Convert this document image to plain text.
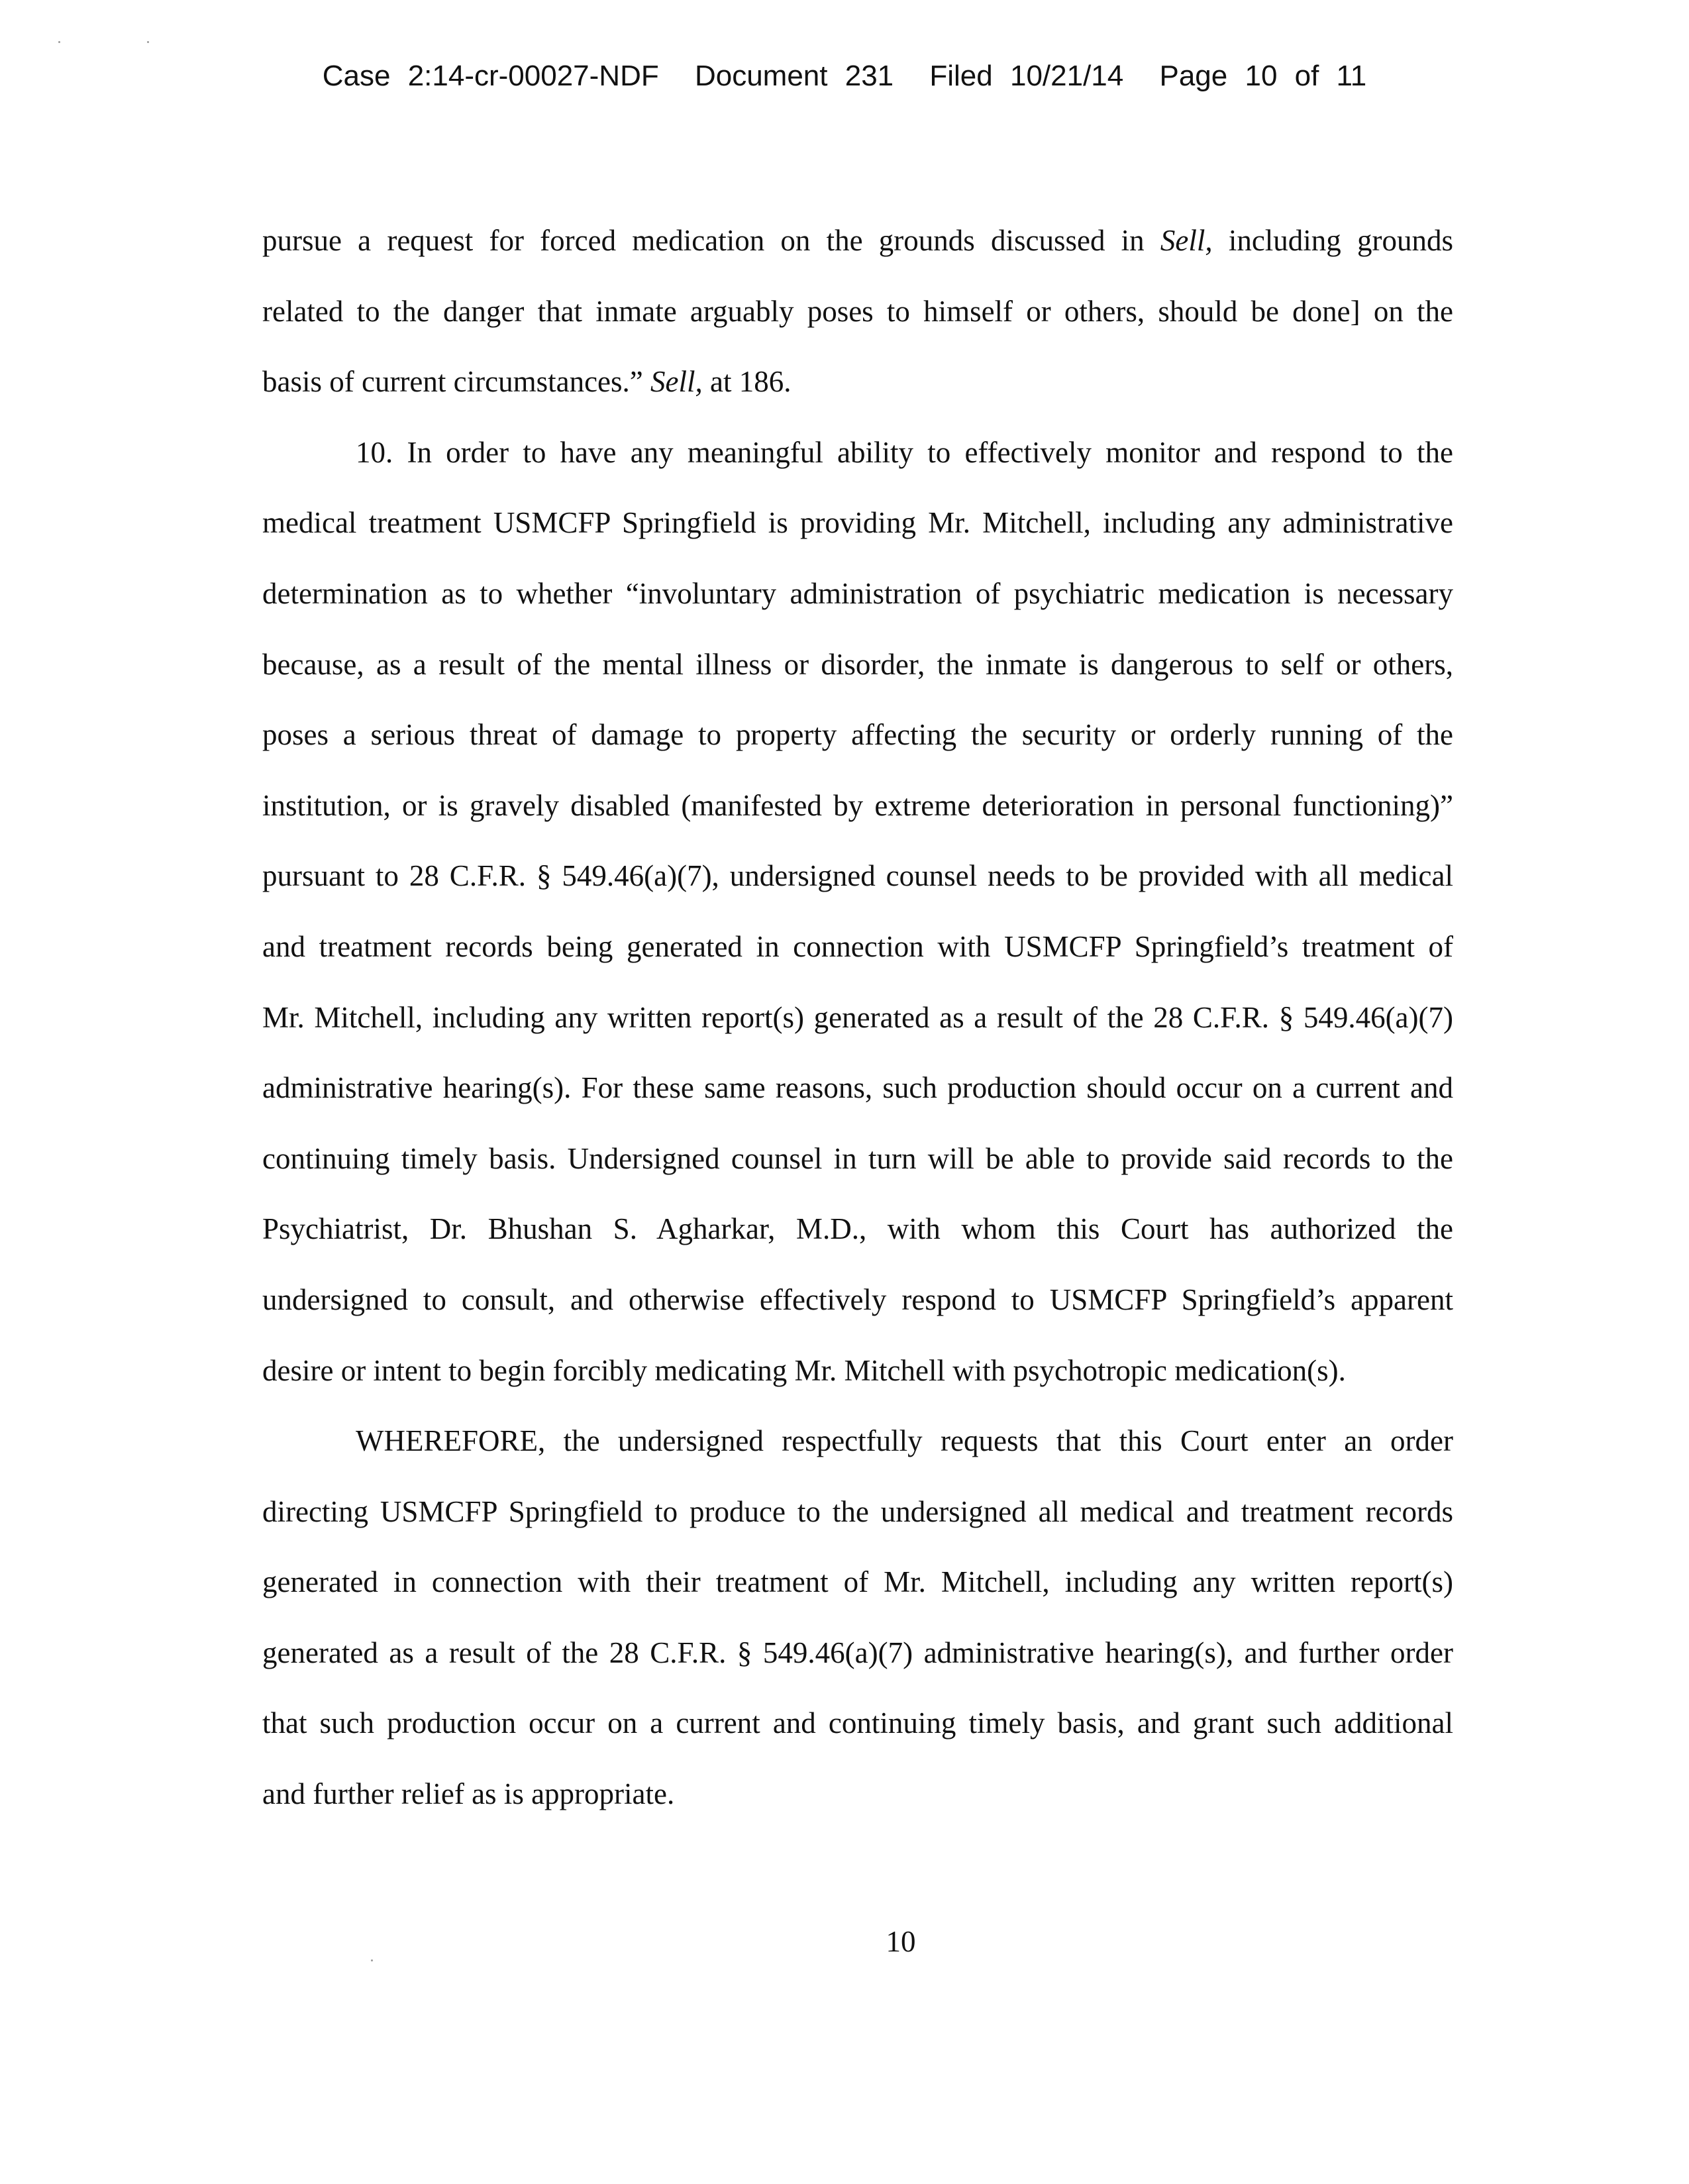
Case 2:14-cr-00027-NDF Document 231 Filed 10/21/14 Page 10 of 11
pursue a request for forced medication on the grounds discussed in Sell, including grounds
related to the danger that inmate arguably poses to himself or others, should be done] on the
basis of current circumstances.” Sell, at 186.
10. In order to have any meaningful ability to effectively monitor and respond to the
medical treatment USMCFP Springfield is providing Mr. Mitchell, including any administrative
determination as to whether “involuntary administration of psychiatric medication is necessary
because, as a result of the mental illness or disorder, the inmate is dangerous to self or others,
poses a serious threat of damage to property affecting the security or orderly running of the
institution, or is gravely disabled (manifested by extreme deterioration in personal functioning)”
pursuant to 28 C.F.R. § 549.46(a)(7), undersigned counsel needs to be provided with all medical
and treatment records being generated in connection with USMCFP Springfield’s treatment of
Mr. Mitchell, including any written report(s) generated as a result of the 28 C.F.R. § 549.46(a)(7)
administrative hearing(s). For these same reasons, such production should occur on a current and
continuing timely basis. Undersigned counsel in turn will be able to provide said records to the
Psychiatrist, Dr. Bhushan S. Agharkar, M.D., with whom this Court has authorized the
undersigned to consult, and otherwise effectively respond to USMCFP Springfield’s apparent
desire or intent to begin forcibly medicating Mr. Mitchell with psychotropic medication(s).
WHEREFORE, the undersigned respectfully requests that this Court enter an order
directing USMCFP Springfield to produce to the undersigned all medical and treatment records
generated in connection with their treatment of Mr. Mitchell, including any written report(s)
generated as a result of the 28 C.F.R. § 549.46(a)(7) administrative hearing(s), and further order
that such production occur on a current and continuing timely basis, and grant such additional
and further relief as is appropriate.
10
